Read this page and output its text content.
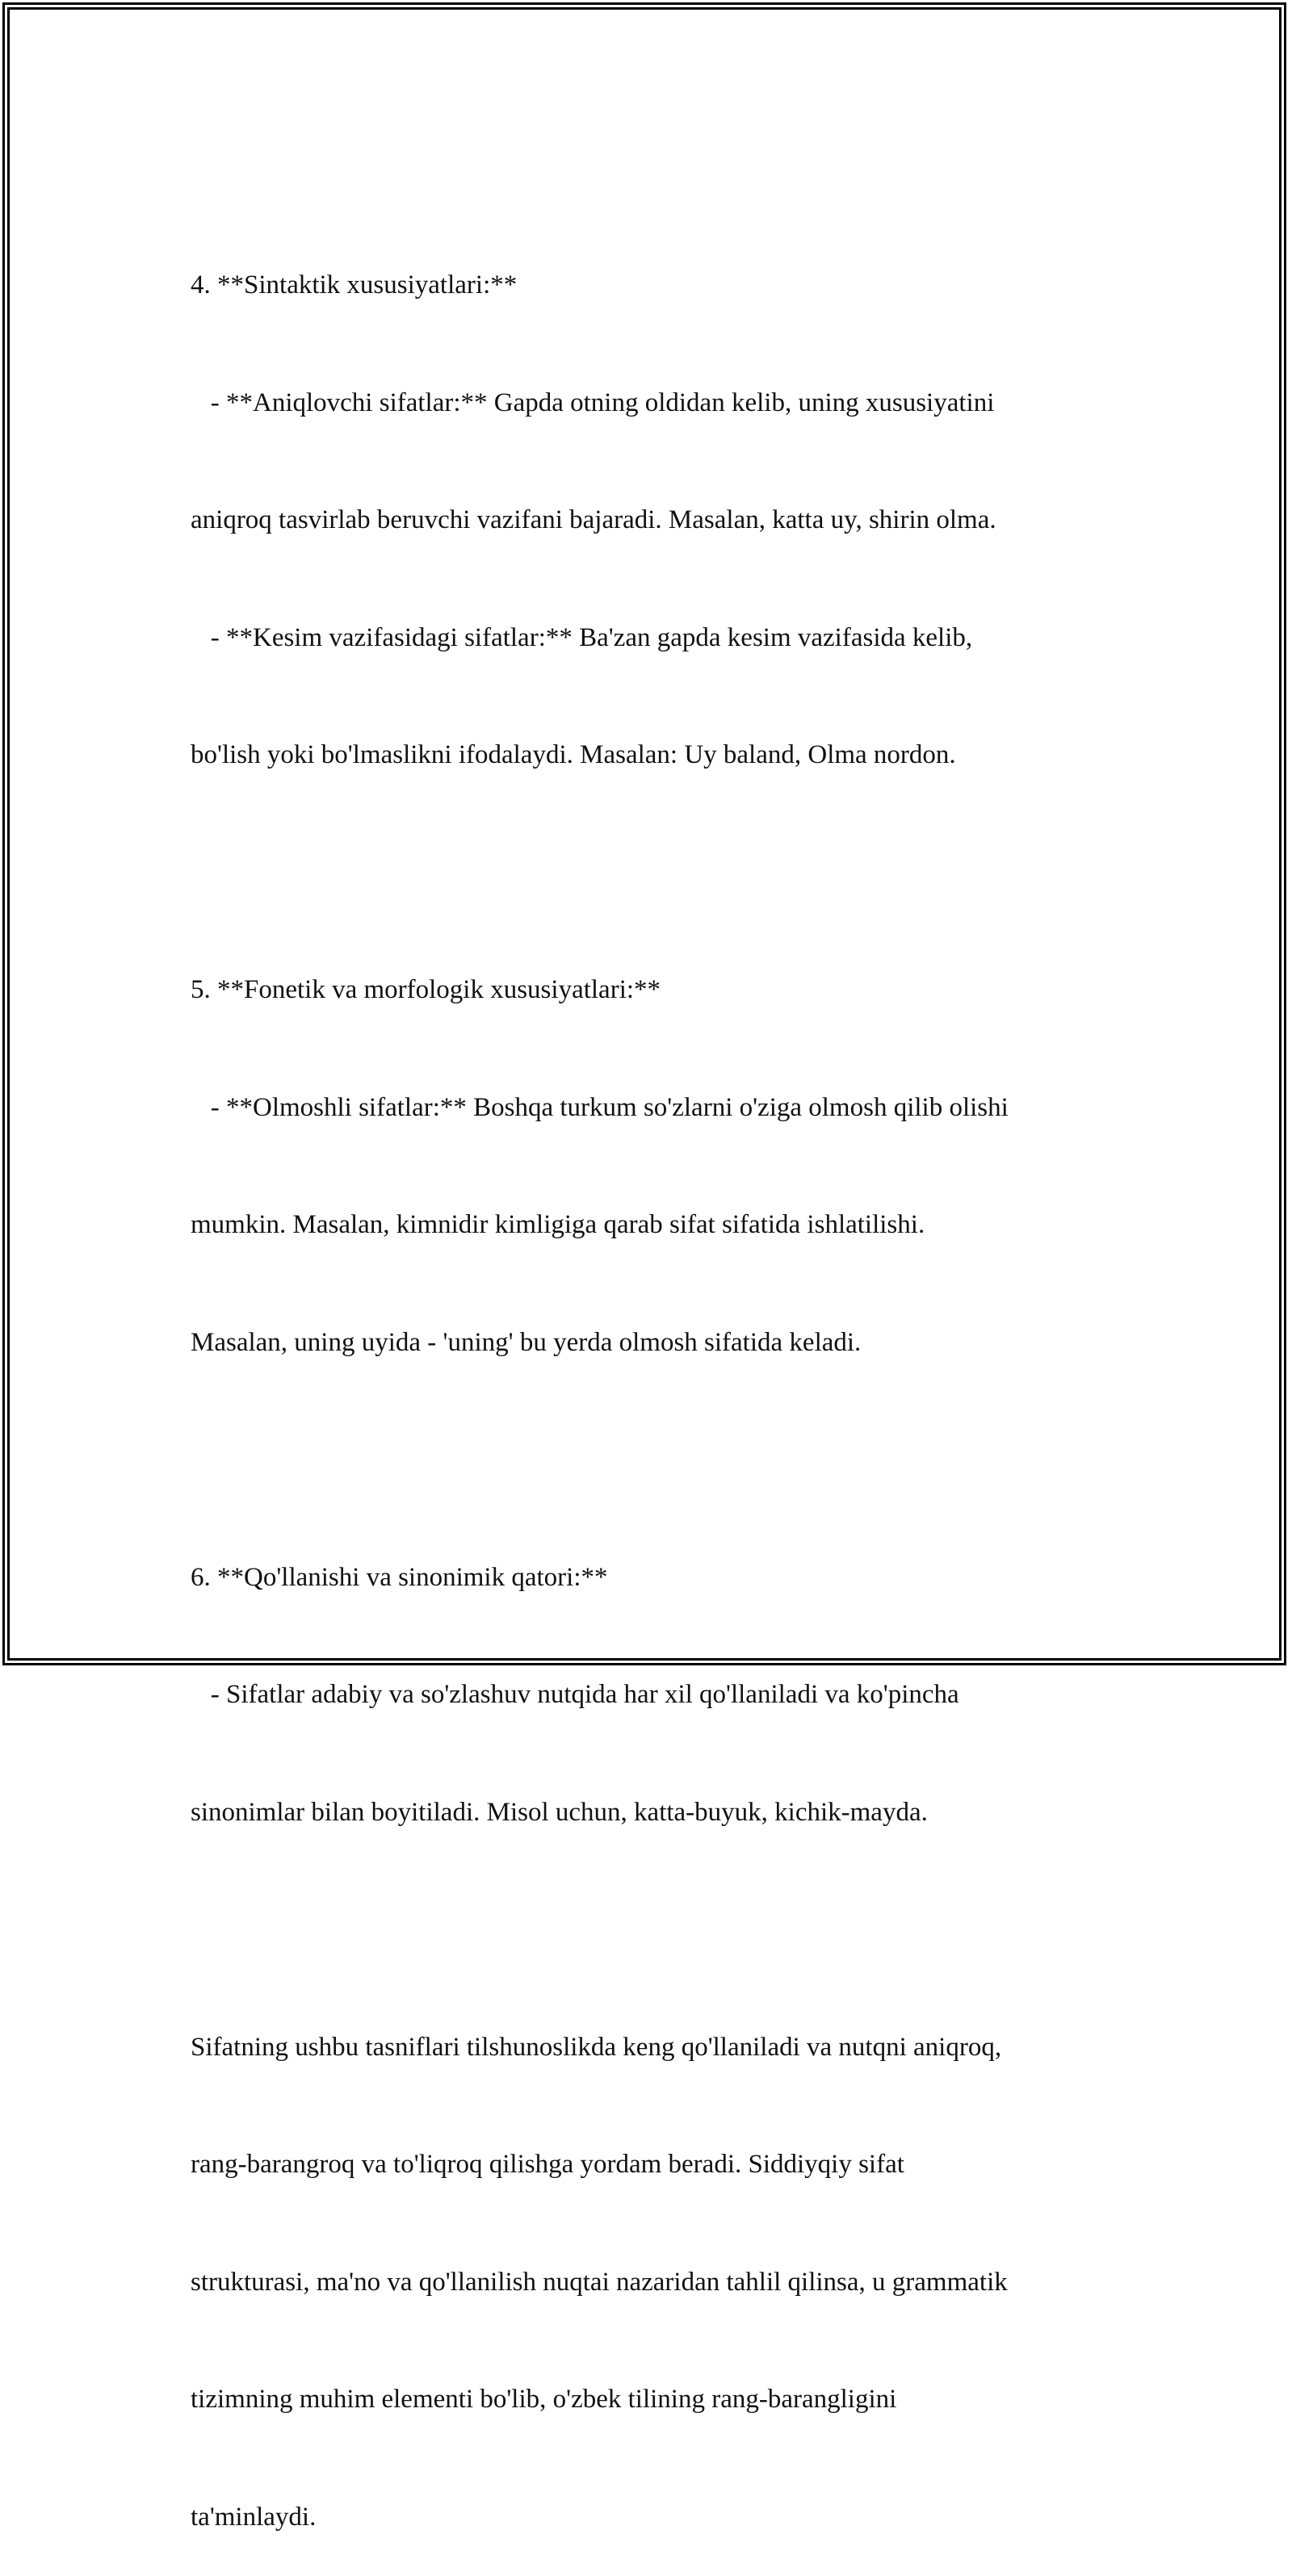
4. **Sintaktik xususiyatlari:**

- **Aniqlovchi sifatlar:** Gapda otning oldidan kelib, uning xususiyatini

aniqroq tasvirlab beruvchi vazifani bajaradi. Masalan, katta uy, shirin olma.

- **Kesim vazifasidagi sifatlar:** Ba'zan gapda kesim vazifasida kelib,

bo'lish yoki bo'lmaslikni ifodalaydi. Masalan: Uy baland, Olma nordon.

5. **Fonetik va morfologik xususiyatlari:**

- **Olmoshli sifatlar:** Boshqa turkum so'zlarni o'ziga olmosh qilib olishi

mumkin. Masalan, kimnidir kimligiga qarab sifat sifatida ishlatilishi.

Masalan, uning uyida - 'uning' bu yerda olmosh sifatida keladi.

6. **Qo'llanishi va sinonimik qatori:**

- Sifatlar adabiy va so'zlashuv nutqida har xil qo'llaniladi va ko'pincha

sinonimlar bilan boyitiladi. Misol uchun, katta-buyuk, kichik-mayda.

Sifatning ushbu tasniflari tilshunoslikda keng qo'llaniladi va nutqni aniqroq,

rang-barangroq va to'liqroq qilishga yordam beradi. Siddiyqiy sifat

strukturasi, ma'no va qo'llanilish nuqtai nazaridan tahlil qilinsa, u grammatik

tizimning muhim elementi bo'lib, o'zbek tilining rang-barangligini

ta'minlaydi.
